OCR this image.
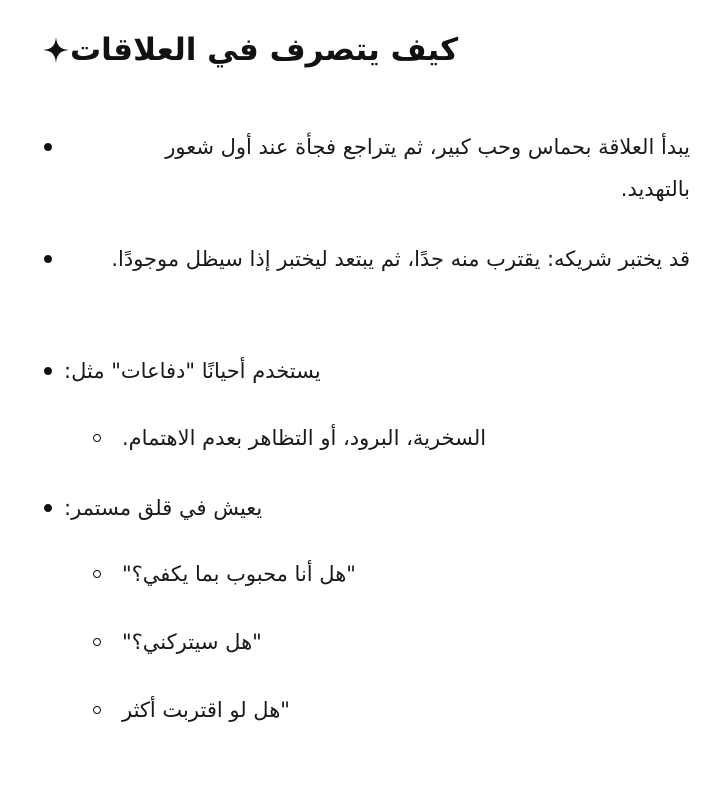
كيف يتصرف في العلاقات
يبدأ العلاقة بحماس وحب كبير، ثم يتراجع فجأة عند أول شعور بالتهديد.
قد يختبر شريكه: يقترب منه جدًا، ثم يبتعد ليختبر إذا سيظل موجودًا.
يستخدم أحيانًا "دفاعات" مثل:
السخرية، البرود، أو التظاهر بعدم الاهتمام.
يعيش في قلق مستمر:
"هل أنا محبوب بما يكفي؟"
"هل سيتركني؟"
"هل لو اقتربت أكثر
